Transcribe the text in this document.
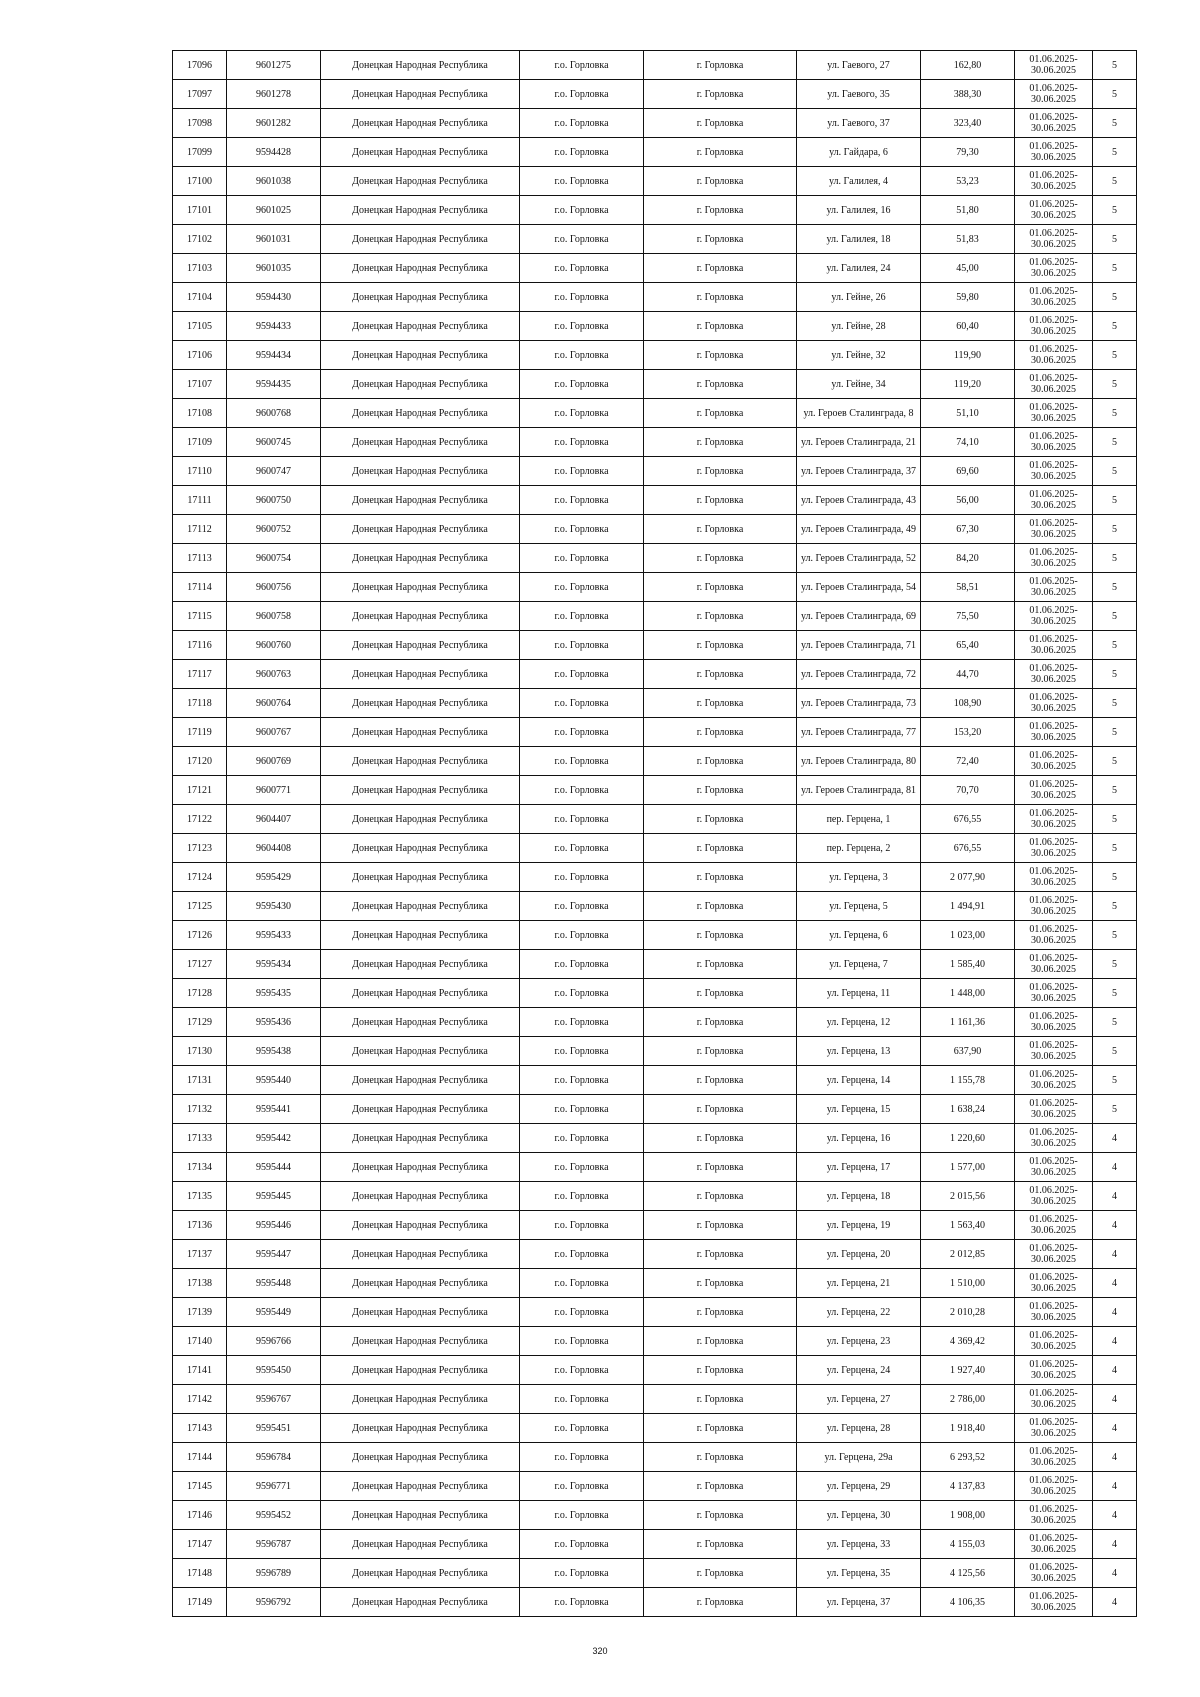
17096	9601275	Донецкая Народная Республика	г.о. Горловка	г. Горловка	ул. Гаевого, 27	162,80	01.06.2025-30.06.2025	5
17097	9601278	Донецкая Народная Республика	г.о. Горловка	г. Горловка	ул. Гаевого, 35	388,30	01.06.2025-30.06.2025	5
17098	9601282	Донецкая Народная Республика	г.о. Горловка	г. Горловка	ул. Гаевого, 37	323,40	01.06.2025-30.06.2025	5
17099	9594428	Донецкая Народная Республика	г.о. Горловка	г. Горловка	ул. Гайдара, 6	79,30	01.06.2025-30.06.2025	5
17100	9601038	Донецкая Народная Республика	г.о. Горловка	г. Горловка	ул. Галилея, 4	53,23	01.06.2025-30.06.2025	5
17101	9601025	Донецкая Народная Республика	г.о. Горловка	г. Горловка	ул. Галилея, 16	51,80	01.06.2025-30.06.2025	5
17102	9601031	Донецкая Народная Республика	г.о. Горловка	г. Горловка	ул. Галилея, 18	51,83	01.06.2025-30.06.2025	5
17103	9601035	Донецкая Народная Республика	г.о. Горловка	г. Горловка	ул. Галилея, 24	45,00	01.06.2025-30.06.2025	5
17104	9594430	Донецкая Народная Республика	г.о. Горловка	г. Горловка	ул. Гейне, 26	59,80	01.06.2025-30.06.2025	5
17105	9594433	Донецкая Народная Республика	г.о. Горловка	г. Горловка	ул. Гейне, 28	60,40	01.06.2025-30.06.2025	5
17106	9594434	Донецкая Народная Республика	г.о. Горловка	г. Горловка	ул. Гейне, 32	119,90	01.06.2025-30.06.2025	5
17107	9594435	Донецкая Народная Республика	г.о. Горловка	г. Горловка	ул. Гейне, 34	119,20	01.06.2025-30.06.2025	5
17108	9600768	Донецкая Народная Республика	г.о. Горловка	г. Горловка	ул. Героев Сталинграда, 8	51,10	01.06.2025-30.06.2025	5
17109	9600745	Донецкая Народная Республика	г.о. Горловка	г. Горловка	ул. Героев Сталинграда, 21	74,10	01.06.2025-30.06.2025	5
17110	9600747	Донецкая Народная Республика	г.о. Горловка	г. Горловка	ул. Героев Сталинграда, 37	69,60	01.06.2025-30.06.2025	5
17111	9600750	Донецкая Народная Республика	г.о. Горловка	г. Горловка	ул. Героев Сталинграда, 43	56,00	01.06.2025-30.06.2025	5
17112	9600752	Донецкая Народная Республика	г.о. Горловка	г. Горловка	ул. Героев Сталинграда, 49	67,30	01.06.2025-30.06.2025	5
17113	9600754	Донецкая Народная Республика	г.о. Горловка	г. Горловка	ул. Героев Сталинграда, 52	84,20	01.06.2025-30.06.2025	5
17114	9600756	Донецкая Народная Республика	г.о. Горловка	г. Горловка	ул. Героев Сталинграда, 54	58,51	01.06.2025-30.06.2025	5
17115	9600758	Донецкая Народная Республика	г.о. Горловка	г. Горловка	ул. Героев Сталинграда, 69	75,50	01.06.2025-30.06.2025	5
17116	9600760	Донецкая Народная Республика	г.о. Горловка	г. Горловка	ул. Героев Сталинграда, 71	65,40	01.06.2025-30.06.2025	5
17117	9600763	Донецкая Народная Республика	г.о. Горловка	г. Горловка	ул. Героев Сталинграда, 72	44,70	01.06.2025-30.06.2025	5
17118	9600764	Донецкая Народная Республика	г.о. Горловка	г. Горловка	ул. Героев Сталинграда, 73	108,90	01.06.2025-30.06.2025	5
17119	9600767	Донецкая Народная Республика	г.о. Горловка	г. Горловка	ул. Героев Сталинграда, 77	153,20	01.06.2025-30.06.2025	5
17120	9600769	Донецкая Народная Республика	г.о. Горловка	г. Горловка	ул. Героев Сталинграда, 80	72,40	01.06.2025-30.06.2025	5
17121	9600771	Донецкая Народная Республика	г.о. Горловка	г. Горловка	ул. Героев Сталинграда, 81	70,70	01.06.2025-30.06.2025	5
17122	9604407	Донецкая Народная Республика	г.о. Горловка	г. Горловка	пер. Герцена, 1	676,55	01.06.2025-30.06.2025	5
17123	9604408	Донецкая Народная Республика	г.о. Горловка	г. Горловка	пер. Герцена, 2	676,55	01.06.2025-30.06.2025	5
17124	9595429	Донецкая Народная Республика	г.о. Горловка	г. Горловка	ул. Герцена, 3	2 077,90	01.06.2025-30.06.2025	5
17125	9595430	Донецкая Народная Республика	г.о. Горловка	г. Горловка	ул. Герцена, 5	1 494,91	01.06.2025-30.06.2025	5
17126	9595433	Донецкая Народная Республика	г.о. Горловка	г. Горловка	ул. Герцена, 6	1 023,00	01.06.2025-30.06.2025	5
17127	9595434	Донецкая Народная Республика	г.о. Горловка	г. Горловка	ул. Герцена, 7	1 585,40	01.06.2025-30.06.2025	5
17128	9595435	Донецкая Народная Республика	г.о. Горловка	г. Горловка	ул. Герцена, 11	1 448,00	01.06.2025-30.06.2025	5
17129	9595436	Донецкая Народная Республика	г.о. Горловка	г. Горловка	ул. Герцена, 12	1 161,36	01.06.2025-30.06.2025	5
17130	9595438	Донецкая Народная Республика	г.о. Горловка	г. Горловка	ул. Герцена, 13	637,90	01.06.2025-30.06.2025	5
17131	9595440	Донецкая Народная Республика	г.о. Горловка	г. Горловка	ул. Герцена, 14	1 155,78	01.06.2025-30.06.2025	5
17132	9595441	Донецкая Народная Республика	г.о. Горловка	г. Горловка	ул. Герцена, 15	1 638,24	01.06.2025-30.06.2025	5
17133	9595442	Донецкая Народная Республика	г.о. Горловка	г. Горловка	ул. Герцена, 16	1 220,60	01.06.2025-30.06.2025	4
17134	9595444	Донецкая Народная Республика	г.о. Горловка	г. Горловка	ул. Герцена, 17	1 577,00	01.06.2025-30.06.2025	4
17135	9595445	Донецкая Народная Республика	г.о. Горловка	г. Горловка	ул. Герцена, 18	2 015,56	01.06.2025-30.06.2025	4
17136	9595446	Донецкая Народная Республика	г.о. Горловка	г. Горловка	ул. Герцена, 19	1 563,40	01.06.2025-30.06.2025	4
17137	9595447	Донецкая Народная Республика	г.о. Горловка	г. Горловка	ул. Герцена, 20	2 012,85	01.06.2025-30.06.2025	4
17138	9595448	Донецкая Народная Республика	г.о. Горловка	г. Горловка	ул. Герцена, 21	1 510,00	01.06.2025-30.06.2025	4
17139	9595449	Донецкая Народная Республика	г.о. Горловка	г. Горловка	ул. Герцена, 22	2 010,28	01.06.2025-30.06.2025	4
17140	9596766	Донецкая Народная Республика	г.о. Горловка	г. Горловка	ул. Герцена, 23	4 369,42	01.06.2025-30.06.2025	4
17141	9595450	Донецкая Народная Республика	г.о. Горловка	г. Горловка	ул. Герцена, 24	1 927,40	01.06.2025-30.06.2025	4
17142	9596767	Донецкая Народная Республика	г.о. Горловка	г. Горловка	ул. Герцена, 27	2 786,00	01.06.2025-30.06.2025	4
17143	9595451	Донецкая Народная Республика	г.о. Горловка	г. Горловка	ул. Герцена, 28	1 918,40	01.06.2025-30.06.2025	4
17144	9596784	Донецкая Народная Республика	г.о. Горловка	г. Горловка	ул. Герцена, 29а	6 293,52	01.06.2025-30.06.2025	4
17145	9596771	Донецкая Народная Республика	г.о. Горловка	г. Горловка	ул. Герцена, 29	4 137,83	01.06.2025-30.06.2025	4
17146	9595452	Донецкая Народная Республика	г.о. Горловка	г. Горловка	ул. Герцена, 30	1 908,00	01.06.2025-30.06.2025	4
17147	9596787	Донецкая Народная Республика	г.о. Горловка	г. Горловка	ул. Герцена, 33	4 155,03	01.06.2025-30.06.2025	4
17148	9596789	Донецкая Народная Республика	г.о. Горловка	г. Горловка	ул. Герцена, 35	4 125,56	01.06.2025-30.06.2025	4
17149	9596792	Донецкая Народная Республика	г.о. Горловка	г. Горловка	ул. Герцена, 37	4 106,35	01.06.2025-30.06.2025	4
320
